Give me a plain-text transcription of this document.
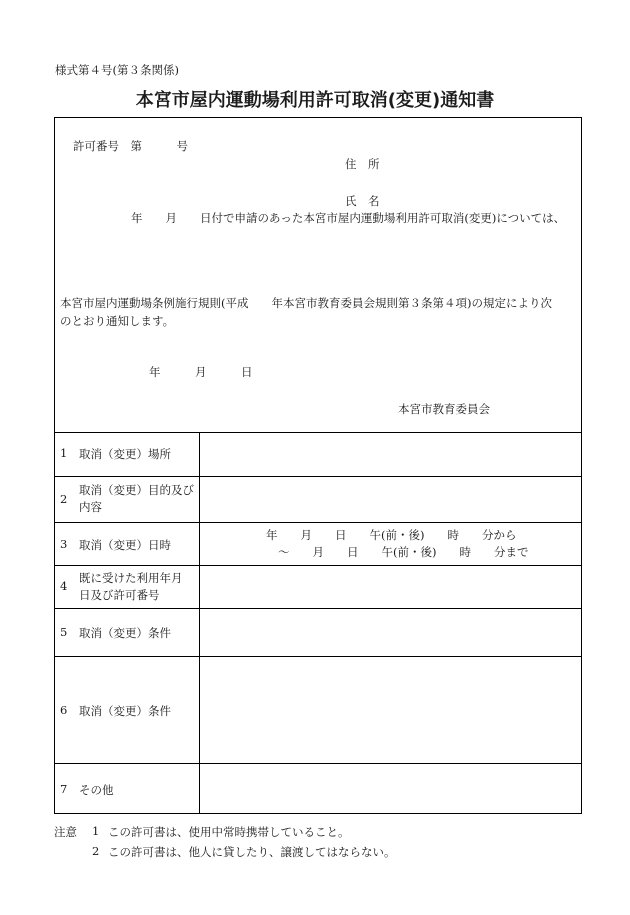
様式第４号(第３条関係)
本宮市屋内運動場利用許可取消(変更)通知書
許可番号　第　　　号
住　所
氏　名
年　　月　　日付で申請のあった本宮市屋内運動場利用許可取消(変更)については、
本宮市屋内運動場条例施行規則(平成　　年本宮市教育委員会規則第３条第４項)の規定により次
のとおり通知します。
年　　　月　　　日
本宮市教育委員会
1 取消（変更）場所
2
取消（変更）目的及び
内容
3 取消（変更）日時
年　　月　　日　　午(前・後)　　時　　分から
～　　月　　日　　午(前・後)　　時　　分まで
4
既に受けた利用年月
日及び許可番号
5 取消（変更）条件
6 取消（変更）条件
7 その他
注意 1 この許可書は、使用中常時携帯していること。
2 この許可書は、他人に貸したり、譲渡してはならない。
